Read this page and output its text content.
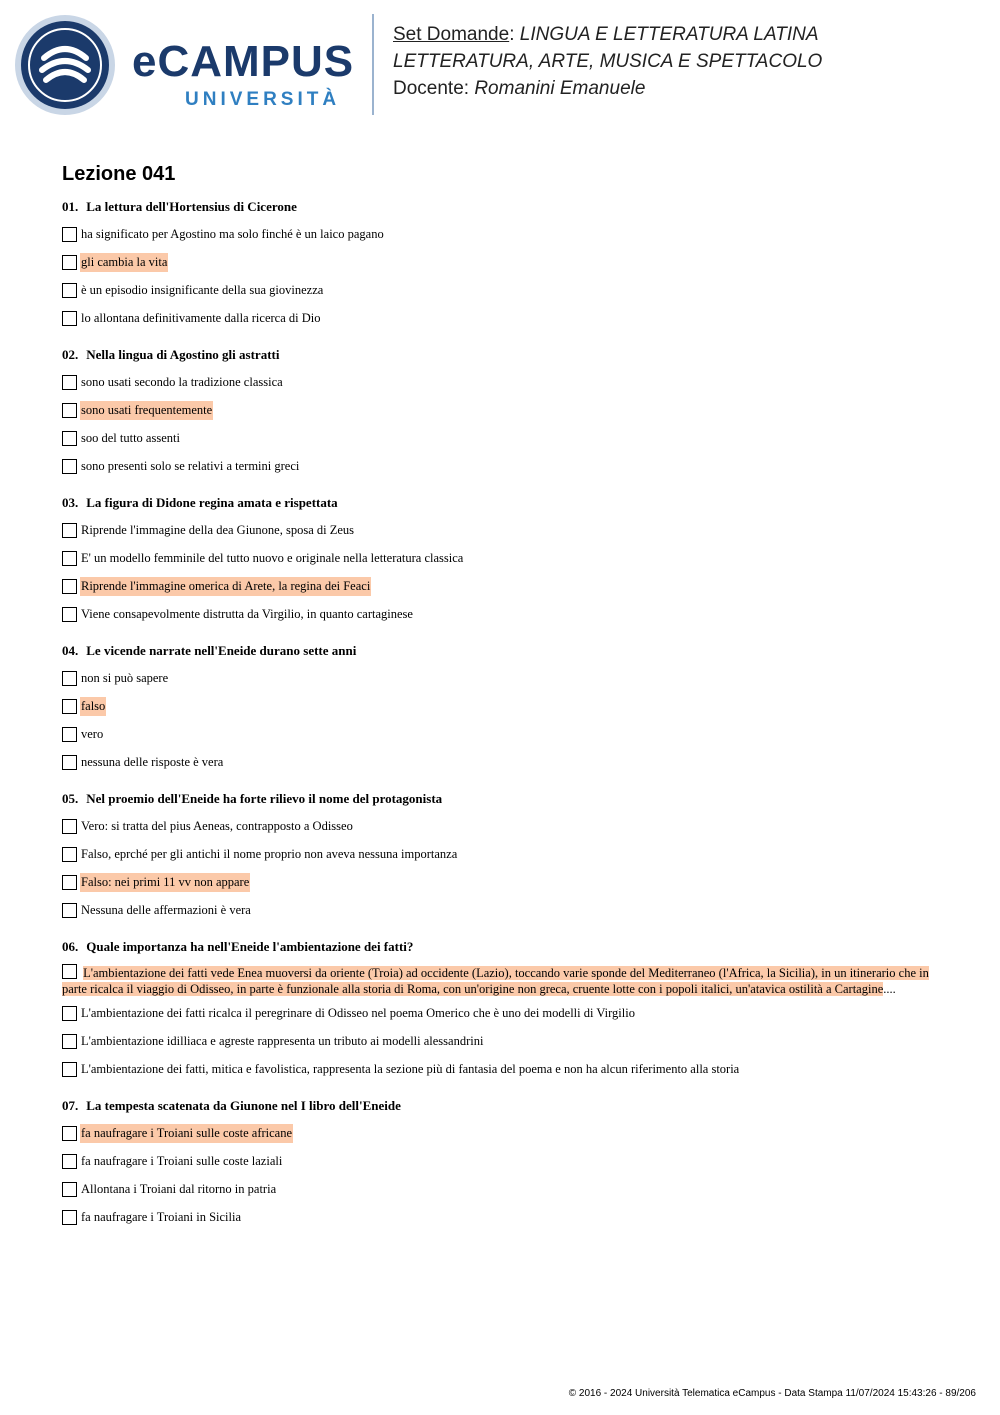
eCAMPUS
UNIVERSITÀ
Set Domande: LINGUA E LETTERATURA LATINA
LETTERATURA, ARTE, MUSICA E SPETTACOLO
Docente: Romanini Emanuele
Lezione 041
01. La lettura dell'Hortensius di Cicerone
ha significato per Agostino ma solo finché è un laico pagano
gli cambia la vita
è un episodio insignificante della sua giovinezza
lo allontana definitivamente dalla ricerca di Dio
02. Nella lingua di Agostino gli astratti
sono usati secondo la tradizione classica
sono usati frequentemente
soo del tutto assenti
sono presenti solo se relativi a termini greci
03. La figura di Didone regina amata e rispettata
Riprende l'immagine della dea Giunone, sposa di Zeus
E' un modello femminile del tutto nuovo e originale nella letteratura classica
Riprende l'immagine omerica di Arete, la regina dei Feaci
Viene consapevolmente distrutta da Virgilio, in quanto cartaginese
04. Le vicende narrate nell'Eneide durano sette anni
non si può sapere
falso
vero
nessuna delle risposte è vera
05. Nel proemio dell'Eneide ha forte rilievo il nome del protagonista
Vero: si tratta del pius Aeneas, contrapposto a Odisseo
Falso, eprché per gli antichi il nome proprio non aveva nessuna importanza
Falso: nei primi 11 vv non appare
Nessuna delle affermazioni è vera
06. Quale importanza ha nell'Eneide l'ambientazione dei fatti?
L'ambientazione dei fatti vede Enea muoversi da oriente (Troia) ad occidente (Lazio), toccando varie sponde del Mediterraneo (l'Africa, la Sicilia), in un itinerario che in parte ricalca il viaggio di Odisseo, in parte è funzionale alla storia di Roma, con un'origine non greca, cruente lotte con i popoli italici, un'atavica ostilità a Cartagine....
L'ambientazione dei fatti ricalca il peregrinare di Odisseo nel poema Omerico che è uno dei modelli di Virgilio
L'ambientazione idilliaca e agreste rappresenta un tributo ai modelli alessandrini
L'ambientazione dei fatti, mitica e favolistica, rappresenta la sezione più di fantasia del poema e non ha alcun riferimento alla storia
07. La tempesta scatenata da Giunone nel I libro dell'Eneide
fa naufragare i Troiani sulle coste africane
fa naufragare i Troiani sulle coste laziali
Allontana i Troiani dal ritorno in patria
fa naufragare i Troiani in Sicilia
© 2016 - 2024 Università Telematica eCampus - Data Stampa 11/07/2024 15:43:26 - 89/206
